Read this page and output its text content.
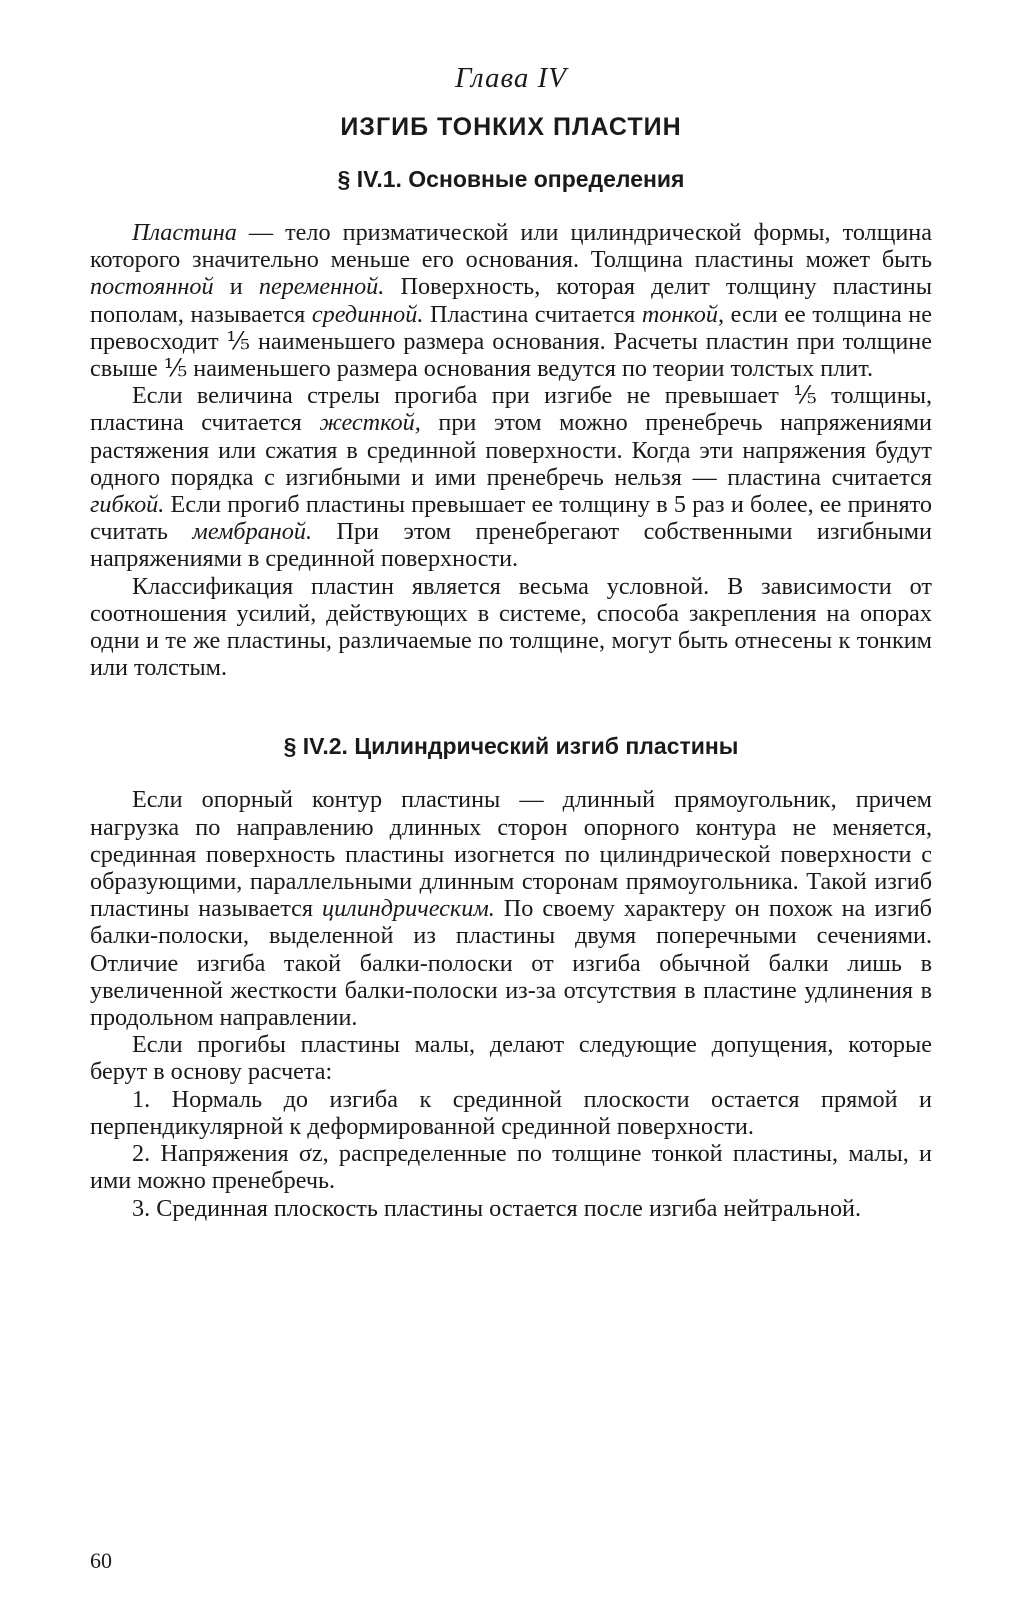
Глава IV
ИЗГИБ ТОНКИХ ПЛАСТИН
§ IV.1. Основные определения

Пластина — тело призматической или цилиндрической формы, толщина которого значительно меньше его основания. Толщина пластины может быть постоянной и переменной. Поверхность, которая делит толщину пластины пополам, называется срединной. Пластина считается тонкой, если ее толщина не превосходит ⅕ наименьшего размера основания. Расчеты пластин при толщине свыше ⅕ наименьшего размера основания ведутся по теории толстых плит.

Если величина стрелы прогиба при изгибе не превышает ⅕ толщины, пластина считается жесткой, при этом можно пренебречь напряжениями растяжения или сжатия в срединной поверхности. Когда эти напряжения будут одного порядка с изгибными и ими пренебречь нельзя — пластина считается гибкой. Если прогиб пластины превышает ее толщину в 5 раз и более, ее принято считать мембраной. При этом пренебрегают собственными изгибными напряжениями в срединной поверхности.

Классификация пластин является весьма условной. В зависимости от соотношения усилий, действующих в системе, способа закрепления на опорах одни и те же пластины, различаемые по толщине, могут быть отнесены к тонким или толстым.

§ IV.2. Цилиндрический изгиб пластины

Если опорный контур пластины — длинный прямоугольник, причем нагрузка по направлению длинных сторон опорного контура не меняется, срединная поверхность пластины изогнется по цилиндрической поверхности с образующими, параллельными длинным сторонам прямоугольника. Такой изгиб пластины называется цилиндрическим. По своему характеру он похож на изгиб балки-полоски, выделенной из пластины двумя поперечными сечениями. Отличие изгиба такой балки-полоски от изгиба обычной балки лишь в увеличенной жесткости балки-полоски из-за отсутствия в пластине удлинения в продольном направлении.

Если прогибы пластины малы, делают следующие допущения, которые берут в основу расчета:

1. Нормаль до изгиба к срединной плоскости остается прямой и перпендикулярной к деформированной срединной поверхности.

2. Напряжения σz, распределенные по толщине тонкой пластины, малы, и ими можно пренебречь.

3. Срединная плоскость пластины остается после изгиба нейтральной.

60
